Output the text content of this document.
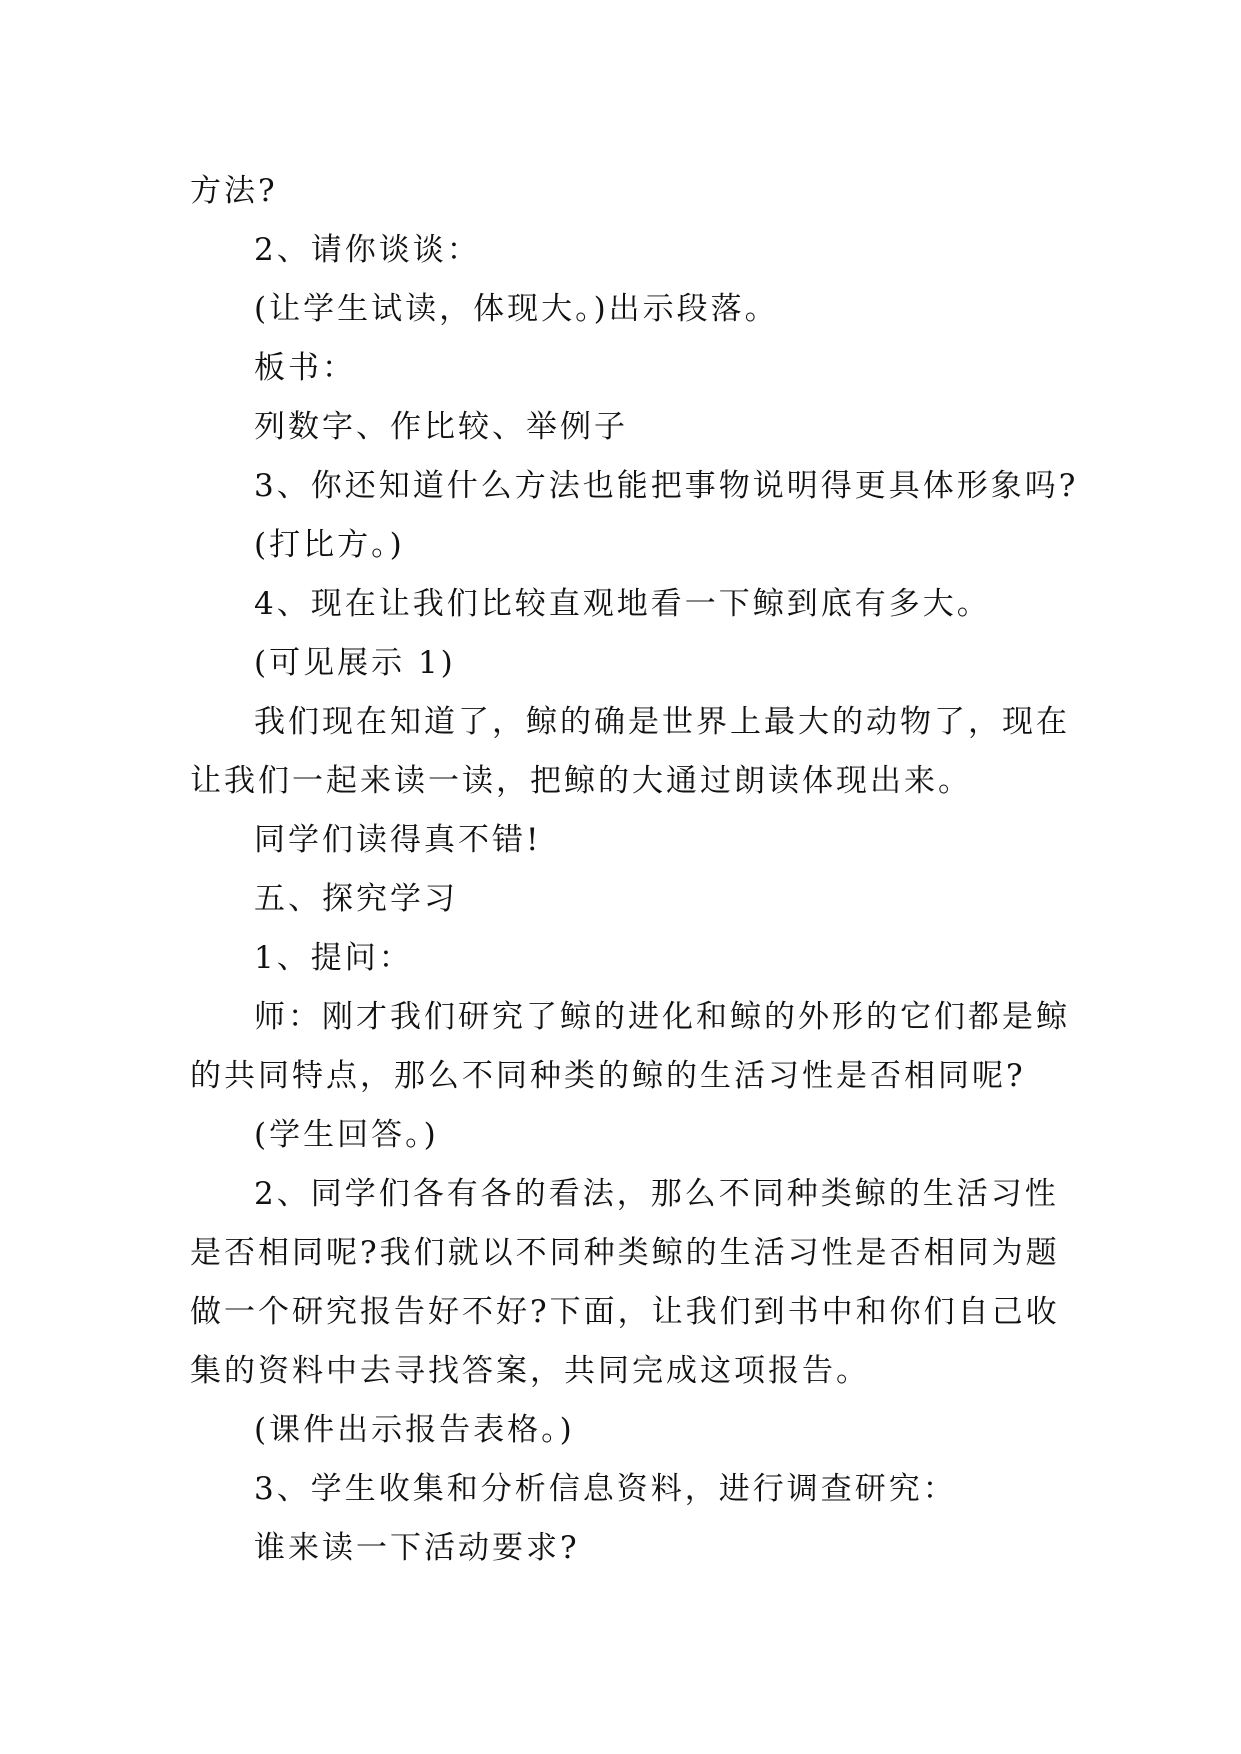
方法?
2、请你谈谈：
(让学生试读，体现大。)出示段落。
板书：
列数字、作比较、举例子
3、你还知道什么方法也能把事物说明得更具体形象吗?
(打比方。)
4、现在让我们比较直观地看一下鲸到底有多大。
(可见展示 1)
我们现在知道了，鲸的确是世界上最大的动物了，现在
让我们一起来读一读，把鲸的大通过朗读体现出来。
同学们读得真不错!
五、探究学习
1、提问：
师：刚才我们研究了鲸的进化和鲸的外形的它们都是鲸
的共同特点，那么不同种类的鲸的生活习性是否相同呢?
(学生回答。)
2、同学们各有各的看法，那么不同种类鲸的生活习性
是否相同呢?我们就以不同种类鲸的生活习性是否相同为题
做一个研究报告好不好?下面，让我们到书中和你们自己收
集的资料中去寻找答案，共同完成这项报告。
(课件出示报告表格。)
3、学生收集和分析信息资料，进行调查研究：
谁来读一下活动要求?
